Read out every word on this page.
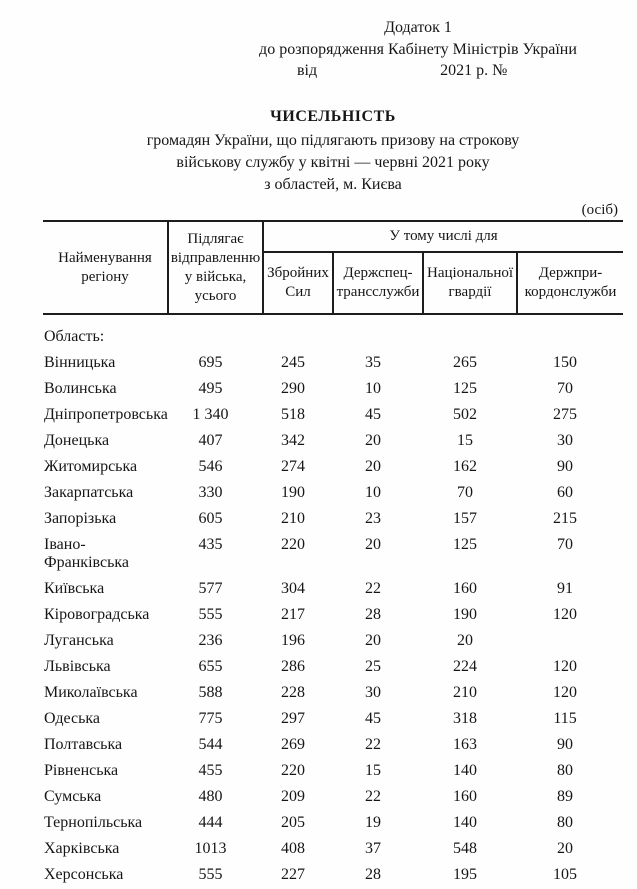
Додаток 1
до розпорядження Кабінету Міністрів України
від	2021 р. №
ЧИСЕЛЬНІСТЬ
громадян України, що підлягають призову на строкову
військову службу у квітні — червні 2021 року
з областей, м. Києва
(осіб)
Найменування регіону	Підлягає відправленню у війська, усього	У тому числі для			
		Збройних Сил	Держспец-трансслужби	Національної гвардії	Держпри-кордонслужби
Область:					
Вінницька	695	245	35	265	150
Волинська	495	290	10	125	70
Дніпропетровська	1 340	518	45	502	275
Донецька	407	342	20	15	30
Житомирська	546	274	20	162	90
Закарпатська	330	190	10	70	60
Запорізька	605	210	23	157	215
Івано-Франківська	435	220	20	125	70
Київська	577	304	22	160	91
Кіровоградська	555	217	28	190	120
Луганська	236	196	20	20	
Львівська	655	286	25	224	120
Миколаївська	588	228	30	210	120
Одеська	775	297	45	318	115
Полтавська	544	269	22	163	90
Рівненська	455	220	15	140	80
Сумська	480	209	22	160	89
Тернопільська	444	205	19	140	80
Харківська	1013	408	37	548	20
Херсонська	555	227	28	195	105
